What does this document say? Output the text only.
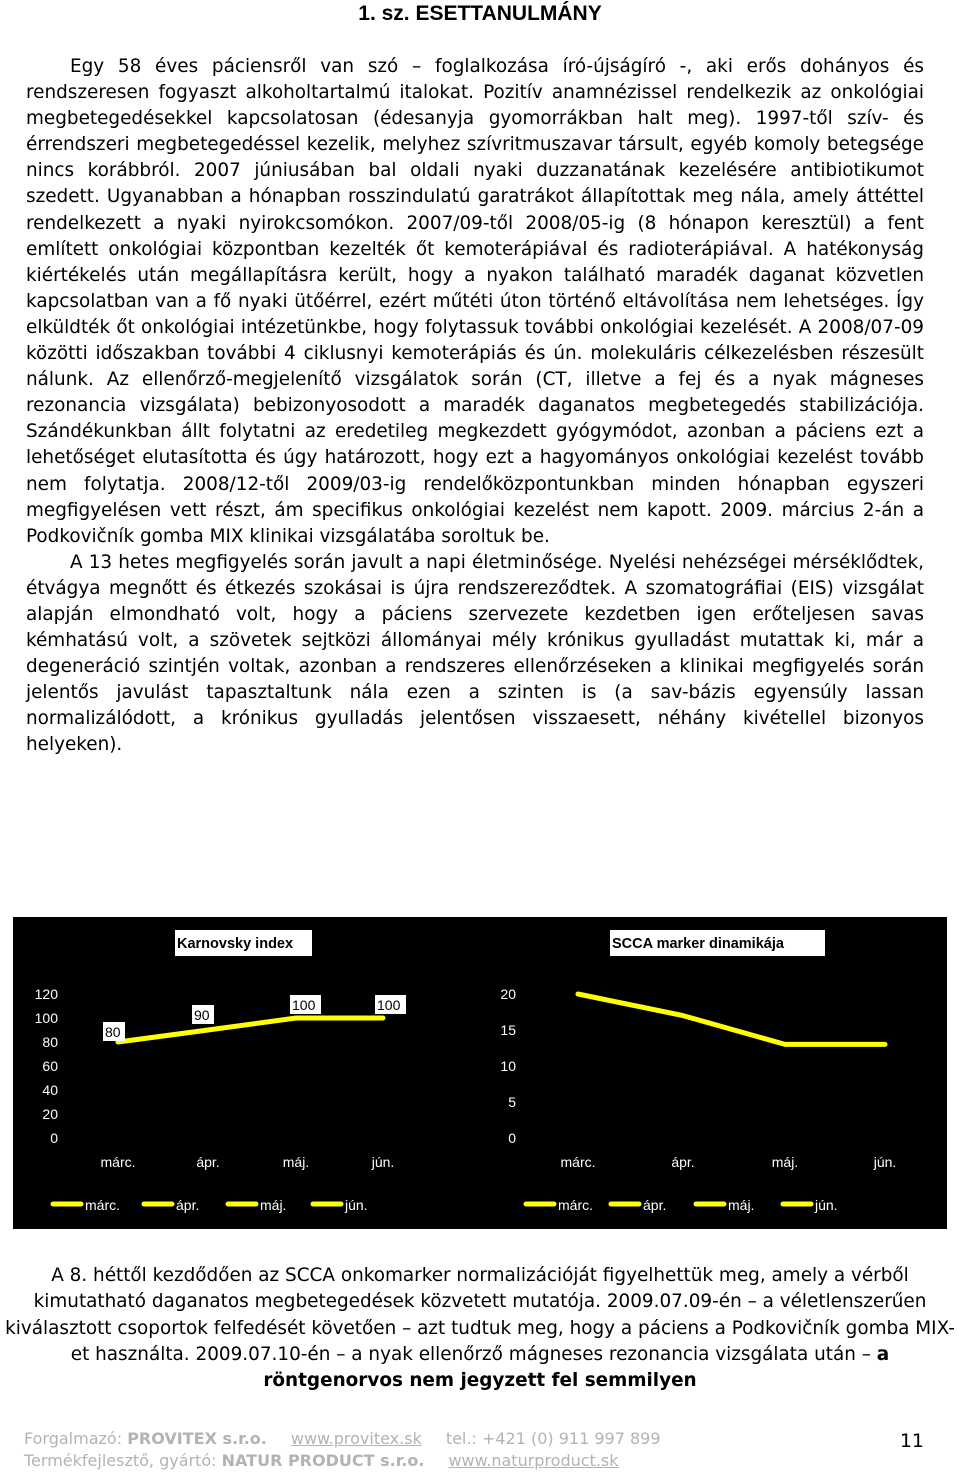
1. sz. ESETTANULMÁNY

Egy 58 éves páciensről van szó – foglalkozása író-újságíró -, aki erős dohányos és rendszeresen fogyaszt alkoholtartalmú italokat. Pozitív anamnézissel rendelkezik az onkológiai megbetegedésekkel kapcsolatosan (édesanyja gyomorrákban halt meg). 1997-től szív- és érrendszeri megbetegedéssel kezelik, melyhez szívritmuszavar társult, egyéb komoly betegsége nincs korábbról. 2007 júniusában bal oldali nyaki duzzanatának kezelésére antibiotikumot szedett. Ugyanabban a hónapban rosszindulatú garatrákot állapítottak meg nála, amely áttéttel rendelkezett a nyaki nyirokcsomókon. 2007/09-től 2008/05-ig (8 hónapon keresztül) a fent említett onkológiai központban kezelték őt kemoterápiával és radioterápiával. A hatékonyság kiértékelés után megállapításra került, hogy a nyakon található maradék daganat közvetlen kapcsolatban van a fő nyaki ütőérrel, ezért műtéti úton történő eltávolítása nem lehetséges. Így elküldték őt onkológiai intézetünkbe, hogy folytassuk további onkológiai kezelését. A 2008/07-09 közötti időszakban további 4 ciklusnyi kemoterápiás és ún. molekuláris célkezelésben részesült nálunk. Az ellenőrző-megjelenítő vizsgálatok során (CT, illetve a fej és a nyak mágneses rezonancia vizsgálata) bebizonyosodott a maradék daganatos megbetegedés stabilizációja. Szándékunkban állt folytatni az eredetileg megkezdett gyógymódot, azonban a páciens ezt a lehetőséget elutasította és úgy határozott, hogy ezt a hagyományos onkológiai kezelést tovább nem folytatja. 2008/12-től 2009/03-ig rendelőközpontunkban minden hónapban egyszeri megfigyelésen vett részt, ám specifikus onkológiai kezelést nem kapott. 2009. március 2-án a Podkovičník gomba MIX klinikai vizsgálatába soroltuk be.

A 13 hetes megfigyelés során javult a napi életminősége. Nyelési nehézségei mérséklődtek, étvágya megnőtt és étkezés szokásai is újra rendszereződtek. A szomatográfiai (EIS) vizsgálat alapján elmondható volt, hogy a páciens szervezete kezdetben igen erőteljesen savas kémhatású volt, a szövetek sejtközi állományai mély krónikus gyulladást mutattak ki, már a degeneráció szintjén voltak, azonban a rendszeres ellenőrzéseken a klinikai megfigyelés során jelentős javulást tapasztaltunk nála ezen a szinten is (a sav-bázis egyensúly lassan normalizálódott, a krónikus gyulladás jelentősen visszaesett, néhány kivétellel bizonyos helyeken).

Karnovsky index
120
100
80
60
40
20
0
márc.	ápr.	máj.	jún.
80
90
100	100
márc.	ápr.	máj.	jún.
SCCA marker dinamikája
20
15
10
5
0
márc.	ápr.	máj.	jún.
márc.	ápr.	máj.	jún.

A 8. héttől kezdődően az SCCA onkomarker normalizációját figyelhettük meg, amely a vérből kimutatható daganatos megbetegedések közvetett mutatója. 2009.07.09-én – a véletlenszerűen kiválasztott csoportok felfedését követően – azt tudtuk meg, hogy a páciens a Podkovičník gomba MIX-et használta. 2009.07.10-én – a nyak ellenőrző mágneses rezonancia vizsgálata után – a röntgenorvos nem jegyzett fel semmilyen

Forgalmazó: PROVITEX s.r.o. www.provitex.sk tel.: +421 (0) 911 997 899
Termékfejlesztő, gyártó: NATUR PRODUCT s.r.o. www.naturproduct.sk
11
